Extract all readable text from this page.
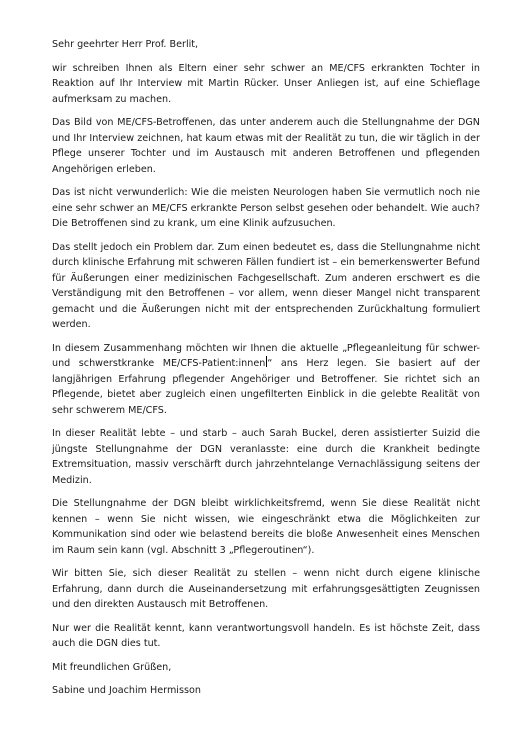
Sehr geehrter Herr Prof. Berlit,

wir schreiben Ihnen als Eltern einer sehr schwer an ME/CFS erkrankten Tochter in Reaktion auf Ihr Interview mit Martin Rücker. Unser Anliegen ist, auf eine Schieflage aufmerksam zu machen.

Das Bild von ME/CFS-Betroffenen, das unter anderem auch die Stellungnahme der DGN und Ihr Interview zeichnen, hat kaum etwas mit der Realität zu tun, die wir täglich in der Pflege unserer Tochter und im Austausch mit anderen Betroffenen und pflegenden Angehörigen erleben.

Das ist nicht verwunderlich: Wie die meisten Neurologen haben Sie vermutlich noch nie eine sehr schwer an ME/CFS erkrankte Person selbst gesehen oder behandelt. Wie auch? Die Betroffenen sind zu krank, um eine Klinik aufzusuchen.

Das stellt jedoch ein Problem dar. Zum einen bedeutet es, dass die Stellungnahme nicht durch klinische Erfahrung mit schweren Fällen fundiert ist – ein bemerkenswerter Befund für Äußerungen einer medizinischen Fachgesellschaft. Zum anderen erschwert es die Verständigung mit den Betroffenen – vor allem, wenn dieser Mangel nicht transparent gemacht und die Äußerungen nicht mit der entsprechenden Zurückhaltung formuliert werden.

In diesem Zusammenhang möchten wir Ihnen die aktuelle „Pflegeanleitung für schwer- und schwerstkranke ME/CFS-Patient:innen “ ans Herz legen. Sie basiert auf der langjährigen Erfahrung pflegender Angehöriger und Betroffener. Sie richtet sich an Pflegende, bietet aber zugleich einen ungefilterten Einblick in die gelebte Realität von sehr schwerem ME/CFS.

In dieser Realität lebte – und starb – auch Sarah Buckel, deren assistierter Suizid die jüngste Stellungnahme der DGN veranlasste: eine durch die Krankheit bedingte Extremsituation, massiv verschärft durch jahrzehntelange Vernachlässigung seitens der Medizin.

Die Stellungnahme der DGN bleibt wirklichkeitsfremd, wenn Sie diese Realität nicht kennen – wenn Sie nicht wissen, wie eingeschränkt etwa die Möglichkeiten zur Kommunikation sind oder wie belastend bereits die bloße Anwesenheit eines Menschen im Raum sein kann (vgl. Abschnitt 3 „Pflegeroutinen“).

Wir bitten Sie, sich dieser Realität zu stellen – wenn nicht durch eigene klinische Erfahrung, dann durch die Auseinandersetzung mit erfahrungsgesättigten Zeugnissen und den direkten Austausch mit Betroffenen.

Nur wer die Realität kennt, kann verantwortungsvoll handeln. Es ist höchste Zeit, dass auch die DGN dies tut.

Mit freundlichen Grüßen,

Sabine und Joachim Hermisson
